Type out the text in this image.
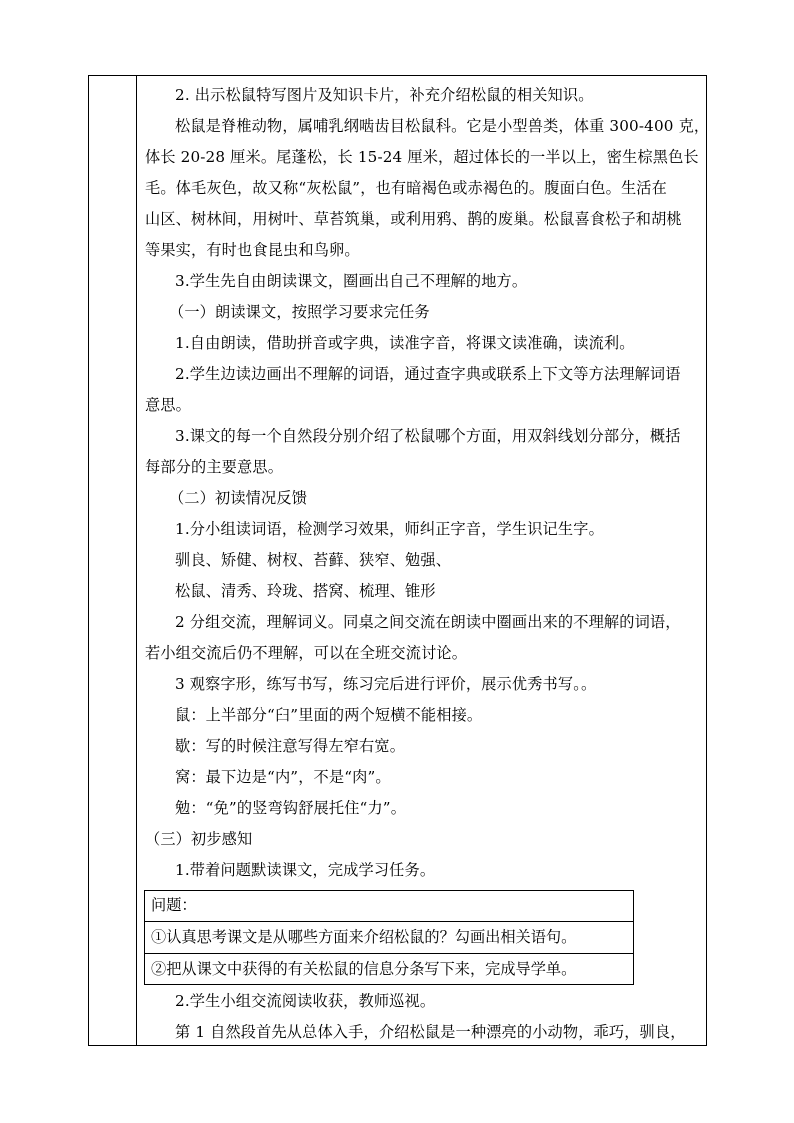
2. 出示松鼠特写图片及知识卡片，补充介绍松鼠的相关知识。
松鼠是脊椎动物，属哺乳纲啮齿目松鼠科。它是小型兽类，体重 300-400 克，
体长 20-28 厘米。尾蓬松，长 15-24 厘米，超过体长的一半以上，密生棕黑色长
毛。体毛灰色，故又称“灰松鼠”，也有暗褐色或赤褐色的。腹面白色。生活在
山区、树林间，用树叶、草苔筑巢，或利用鸦、鹊的废巢。松鼠喜食松子和胡桃
等果实，有时也食昆虫和鸟卵。
3.学生先自由朗读课文，圈画出自己不理解的地方。
（一）朗读课文，按照学习要求完任务
1.自由朗读，借助拼音或字典，读准字音，将课文读准确，读流利。
2.学生边读边画出不理解的词语，通过查字典或联系上下文等方法理解词语
意思。
3.课文的每一个自然段分别介绍了松鼠哪个方面，用双斜线划分部分，概括
每部分的主要意思。
（二）初读情况反馈
1.分小组读词语，检测学习效果，师纠正字音，学生识记生字。
驯良、矫健、树杈、苔藓、狭窄、勉强、
松鼠、清秀、玲珑、搭窝、梳理、锥形
2 分组交流，理解词义。同桌之间交流在朗读中圈画出来的不理解的词语，
若小组交流后仍不理解，可以在全班交流讨论。
3 观察字形，练写书写，练习完后进行评价，展示优秀书写。。
鼠：上半部分“臼”里面的两个短横不能相接。
歇：写的时候注意写得左窄右宽。
窝：最下边是“内”，不是“肉”。
勉：“免”的竖弯钩舒展托住“力”。
（三）初步感知
1.带着问题默读课文，完成学习任务。
问题：
①认真思考课文是从哪些方面来介绍松鼠的？勾画出相关语句。
②把从课文中获得的有关松鼠的信息分条写下来，完成导学单。
2.学生小组交流阅读收获，教师巡视。
第 1 自然段首先从总体入手，介绍松鼠是一种漂亮的小动物，乖巧，驯良，
